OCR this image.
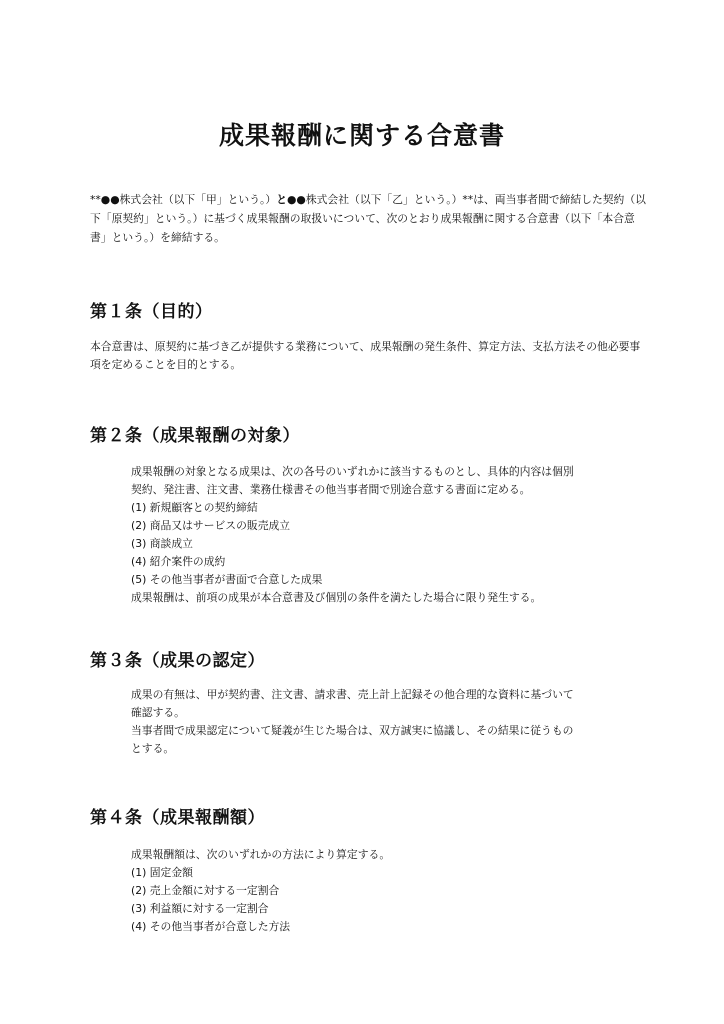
成果報酬に関する合意書
**●●株式会社（以下「甲」という。）と●●株式会社（以下「乙」という。）**は、両当事者間で締結した契約（以下「原契約」という。）に基づく成果報酬の取扱いについて、次のとおり成果報酬に関する合意書（以下「本合意書」という。）を締結する。
第１条（目的）
本合意書は、原契約に基づき乙が提供する業務について、成果報酬の発生条件、算定方法、支払方法その他必要事項を定めることを目的とする。
第２条（成果報酬の対象）
成果報酬の対象となる成果は、次の各号のいずれかに該当するものとし、具体的内容は個別
契約、発注書、注文書、業務仕様書その他当事者間で別途合意する書面に定める。
(1) 新規顧客との契約締結
(2) 商品又はサービスの販売成立
(3) 商談成立
(4) 紹介案件の成約
(5) その他当事者が書面で合意した成果
成果報酬は、前項の成果が本合意書及び個別の条件を満たした場合に限り発生する。
第３条（成果の認定）
成果の有無は、甲が契約書、注文書、請求書、売上計上記録その他合理的な資料に基づいて
確認する。
当事者間で成果認定について疑義が生じた場合は、双方誠実に協議し、その結果に従うもの
とする。
第４条（成果報酬額）
成果報酬額は、次のいずれかの方法により算定する。
(1) 固定金額
(2) 売上金額に対する一定割合
(3) 利益額に対する一定割合
(4) その他当事者が合意した方法
